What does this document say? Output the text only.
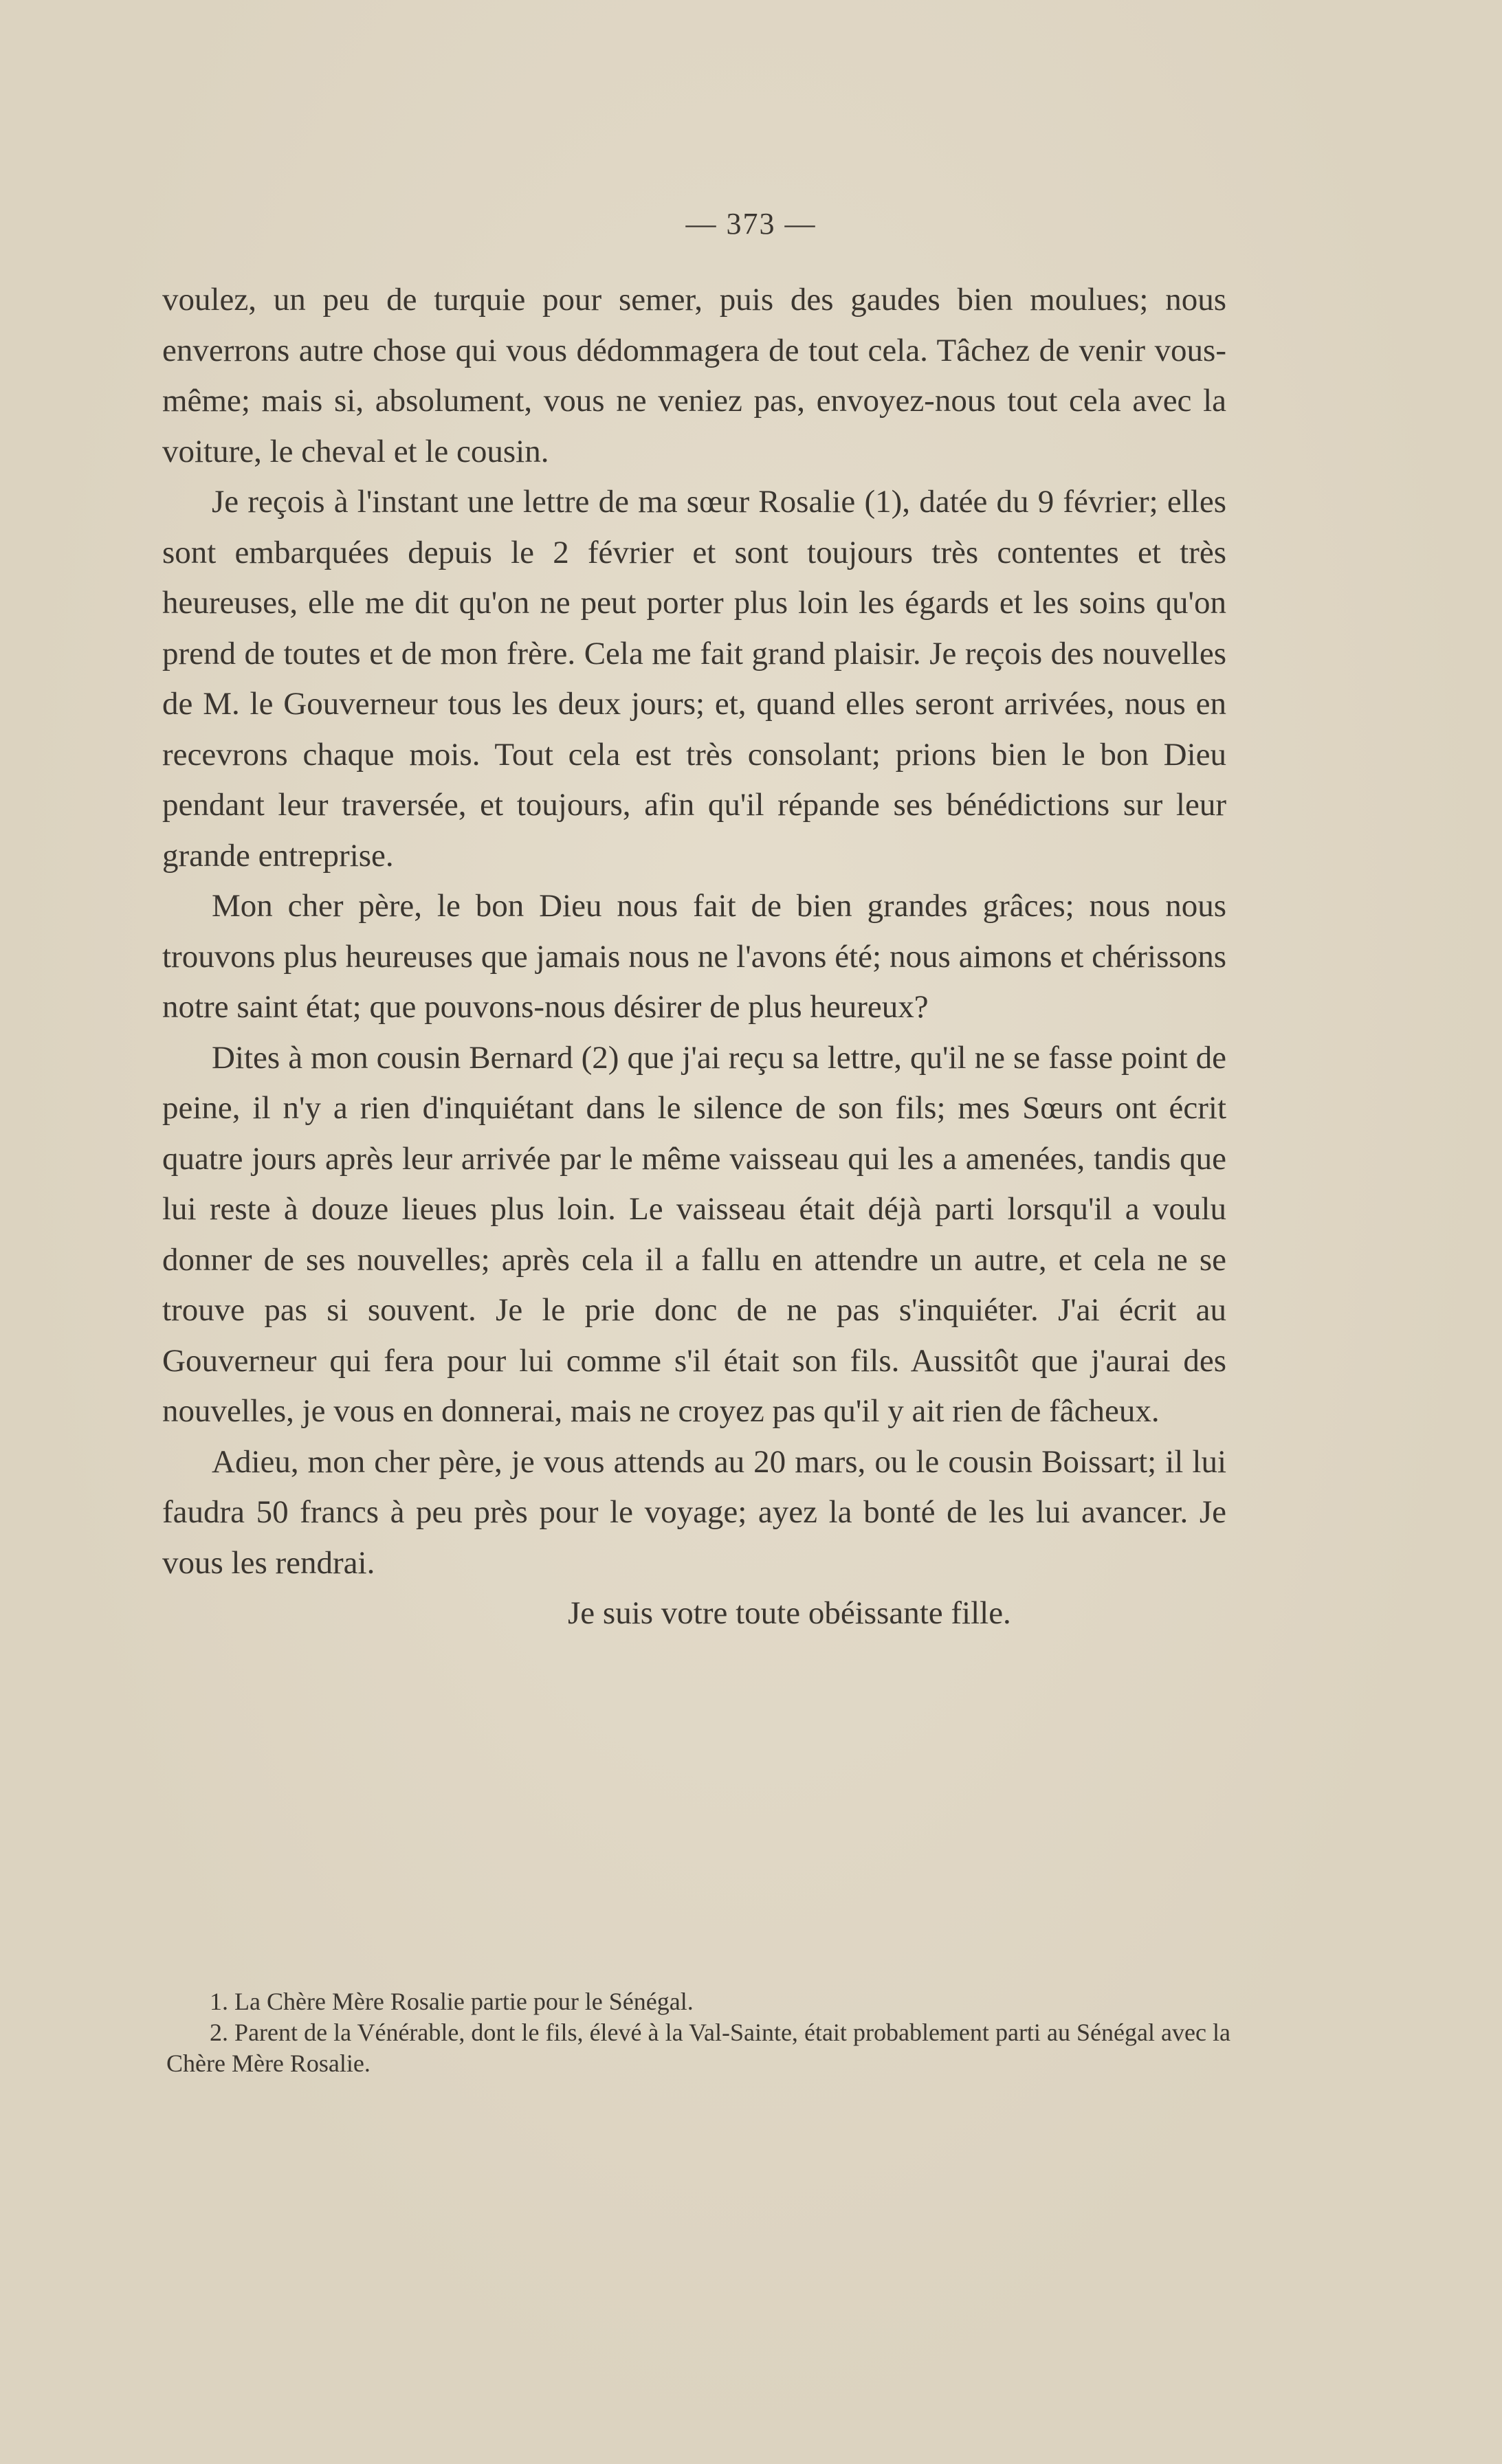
— 373 —

voulez, un peu de turquie pour semer, puis des gaudes bien moulues; nous enverrons autre chose qui vous dédommagera de tout cela. Tâchez de venir vous-même; mais si, absolument, vous ne veniez pas, envoyez-nous tout cela avec la voiture, le cheval et le cousin.

Je reçois à l'instant une lettre de ma sœur Rosalie (1), datée du 9 février; elles sont embarquées depuis le 2 février et sont toujours très contentes et très heureuses, elle me dit qu'on ne peut porter plus loin les égards et les soins qu'on prend de toutes et de mon frère. Cela me fait grand plaisir. Je reçois des nouvelles de M. le Gouverneur tous les deux jours; et, quand elles seront arrivées, nous en recevrons chaque mois. Tout cela est très consolant; prions bien le bon Dieu pendant leur traversée, et toujours, afin qu'il répande ses bénédictions sur leur grande entreprise.

Mon cher père, le bon Dieu nous fait de bien grandes grâces; nous nous trouvons plus heureuses que jamais nous ne l'avons été; nous aimons et chérissons notre saint état; que pouvons-nous désirer de plus heureux?

Dites à mon cousin Bernard (2) que j'ai reçu sa lettre, qu'il ne se fasse point de peine, il n'y a rien d'inquiétant dans le silence de son fils; mes Sœurs ont écrit quatre jours après leur arrivée par le même vaisseau qui les a amenées, tandis que lui reste à douze lieues plus loin. Le vaisseau était déjà parti lorsqu'il a voulu donner de ses nouvelles; après cela il a fallu en attendre un autre, et cela ne se trouve pas si souvent. Je le prie donc de ne pas s'inquiéter. J'ai écrit au Gouverneur qui fera pour lui comme s'il était son fils. Aussitôt que j'aurai des nouvelles, je vous en donnerai, mais ne croyez pas qu'il y ait rien de fâcheux.

Adieu, mon cher père, je vous attends au 20 mars, ou le cousin Boissart; il lui faudra 50 francs à peu près pour le voyage; ayez la bonté de les lui avancer. Je vous les rendrai.

Je suis votre toute obéissante fille.

1. La Chère Mère Rosalie partie pour le Sénégal.

2. Parent de la Vénérable, dont le fils, élevé à la Val-Sainte, était probablement parti au Sénégal avec la Chère Mère Rosalie.
